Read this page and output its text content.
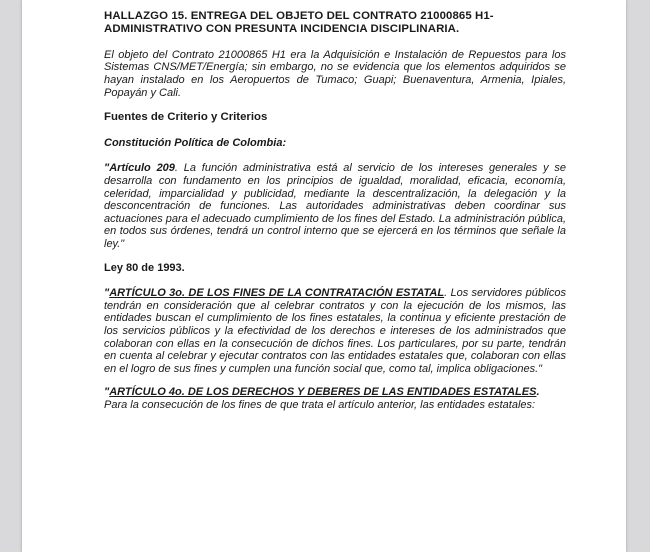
HALLAZGO 15. ENTREGA DEL OBJETO DEL CONTRATO 21000865 H1-ADMINISTRATIVO CON PRESUNTA INCIDENCIA DISCIPLINARIA.
El objeto del Contrato 21000865 H1 era la Adquisición e Instalación de Repuestos para los Sistemas CNS/MET/Energía; sin embargo, no se evidencia que los elementos adquiridos se hayan instalado en los Aeropuertos de Tumaco; Guapi; Buenaventura, Armenia, Ipiales, Popayán y Cali.
Fuentes de Criterio y Criterios
Constitución Política de Colombia:
"Artículo 209. La función administrativa está al servicio de los intereses generales y se desarrolla con fundamento en los principios de igualdad, moralidad, eficacia, economía, celeridad, imparcialidad y publicidad, mediante la descentralización, la delegación y la desconcentración de funciones. Las autoridades administrativas deben coordinar sus actuaciones para el adecuado cumplimiento de los fines del Estado. La administración pública, en todos sus órdenes, tendrá un control interno que se ejercerá en los términos que señale la ley."
Ley 80 de 1993.
"ARTÍCULO 3o. DE LOS FINES DE LA CONTRATACIÓN ESTATAL. Los servidores públicos tendrán en consideración que al celebrar contratos y con la ejecución de los mismos, las entidades buscan el cumplimiento de los fines estatales, la continua y eficiente prestación de los servicios públicos y la efectividad de los derechos e intereses de los administrados que colaboran con ellas en la consecución de dichos fines. Los particulares, por su parte, tendrán en cuenta al celebrar y ejecutar contratos con las entidades estatales que, colaboran con ellas en el logro de sus fines y cumplen una función social que, como tal, implica obligaciones."
"ARTÍCULO 4o. DE LOS DERECHOS Y DEBERES DE LAS ENTIDADES ESTATALES.
Para la consecución de los fines de que trata el artículo anterior, las entidades estatales:
